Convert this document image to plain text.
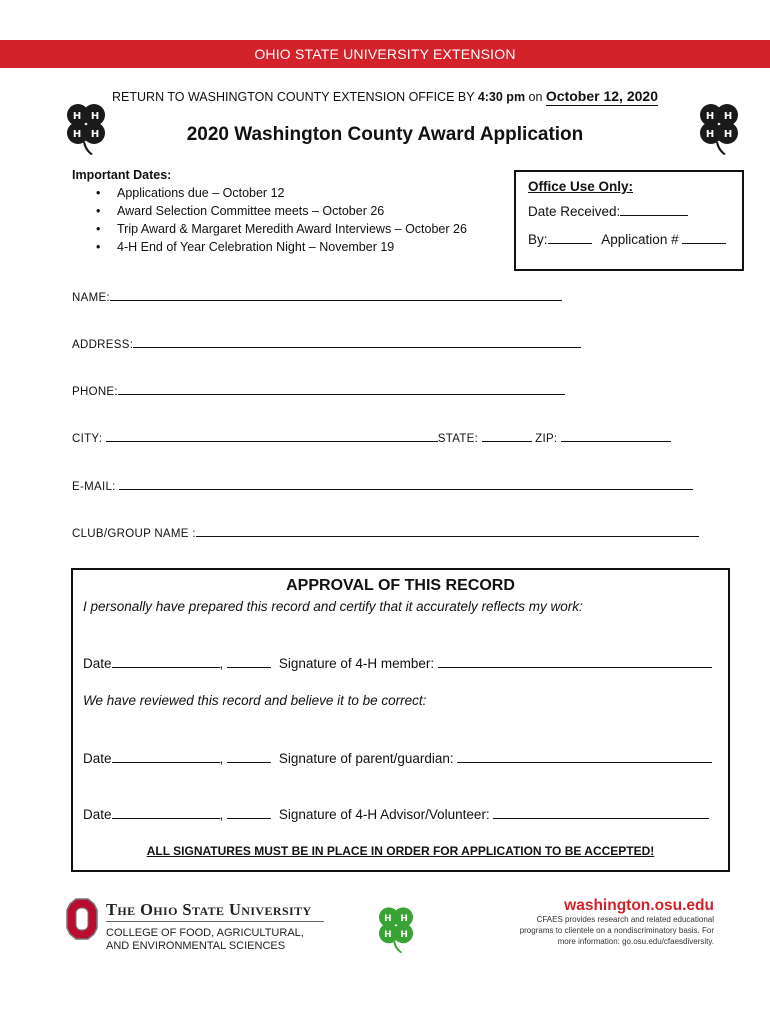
OHIO STATE UNIVERSITY EXTENSION
RETURN TO WASHINGTON COUNTY EXTENSION OFFICE BY 4:30 pm on October 12, 2020
H H
H H
H H
H H
2020 Washington County Award Application
Important Dates:
• Applications due – October 12
• Award Selection Committee meets – October 26
• Trip Award & Margaret Meredith Award Interviews – October 26
• 4-H End of Year Celebration Night – November 19
Office Use Only:
Date Received:
By:	Application #
NAME:
ADDRESS:
PHONE:
CITY:	STATE:	ZIP:
E-MAIL:
CLUB/GROUP NAME :
APPROVAL OF THIS RECORD
I personally have prepared this record and certify that it accurately reflects my work:
Date	,	Signature of 4-H member:
We have reviewed this record and believe it to be correct:
Date	,	Signature of parent/guardian:
Date	,	Signature of 4-H Advisor/Volunteer:
ALL SIGNATURES MUST BE IN PLACE IN ORDER FOR APPLICATION TO BE ACCEPTED!
The Ohio State University
COLLEGE OF FOOD, AGRICULTURAL,
AND ENVIRONMENTAL SCIENCES
H H
H H
washington.osu.edu
CFAES provides research and related educational
programs to clientele on a nondiscriminatory basis. For
more information: go.osu.edu/cfaesdiversity.
